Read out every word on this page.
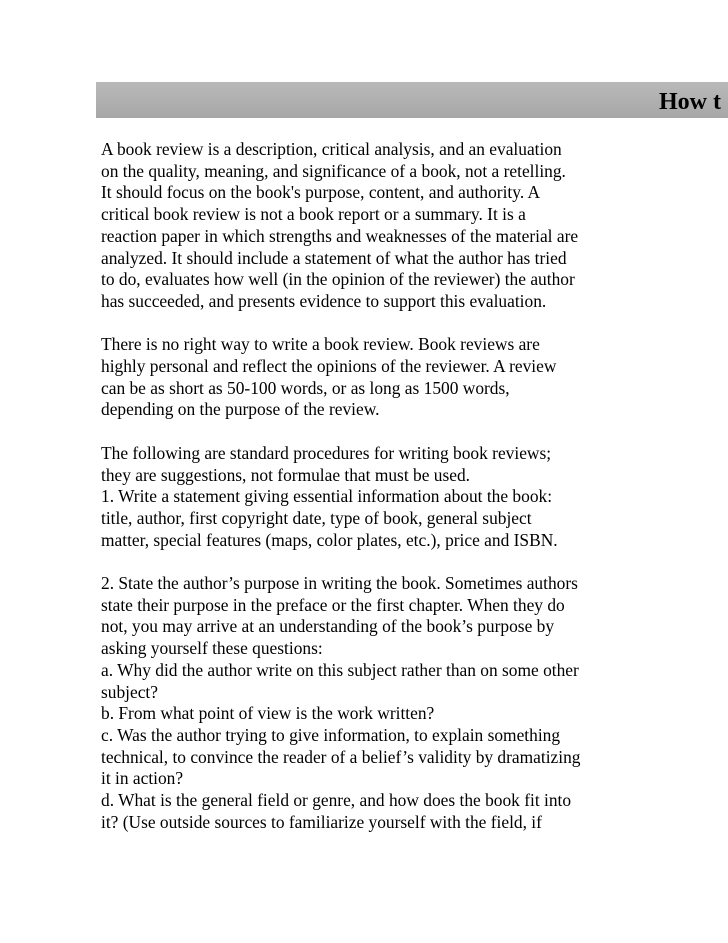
How t

A book review is a description, critical analysis, and an evaluation
on the quality, meaning, and significance of a book, not a retelling.
It should focus on the book's purpose, content, and authority. A
critical book review is not a book report or a summary. It is a
reaction paper in which strengths and weaknesses of the material are
analyzed. It should include a statement of what the author has tried
to do, evaluates how well (in the opinion of the reviewer) the author
has succeeded, and presents evidence to support this evaluation.

There is no right way to write a book review. Book reviews are
highly personal and reflect the opinions of the reviewer. A review
can be as short as 50-100 words, or as long as 1500 words,
depending on the purpose of the review.

The following are standard procedures for writing book reviews;
they are suggestions, not formulae that must be used.
1. Write a statement giving essential information about the book:
title, author, first copyright date, type of book, general subject
matter, special features (maps, color plates, etc.), price and ISBN.

2. State the author’s purpose in writing the book. Sometimes authors
state their purpose in the preface or the first chapter. When they do
not, you may arrive at an understanding of the book’s purpose by
asking yourself these questions:
a. Why did the author write on this subject rather than on some other
subject?
b. From what point of view is the work written?
c. Was the author trying to give information, to explain something
technical, to convince the reader of a belief’s validity by dramatizing
it in action?
d. What is the general field or genre, and how does the book fit into
it? (Use outside sources to familiarize yourself with the field, if
